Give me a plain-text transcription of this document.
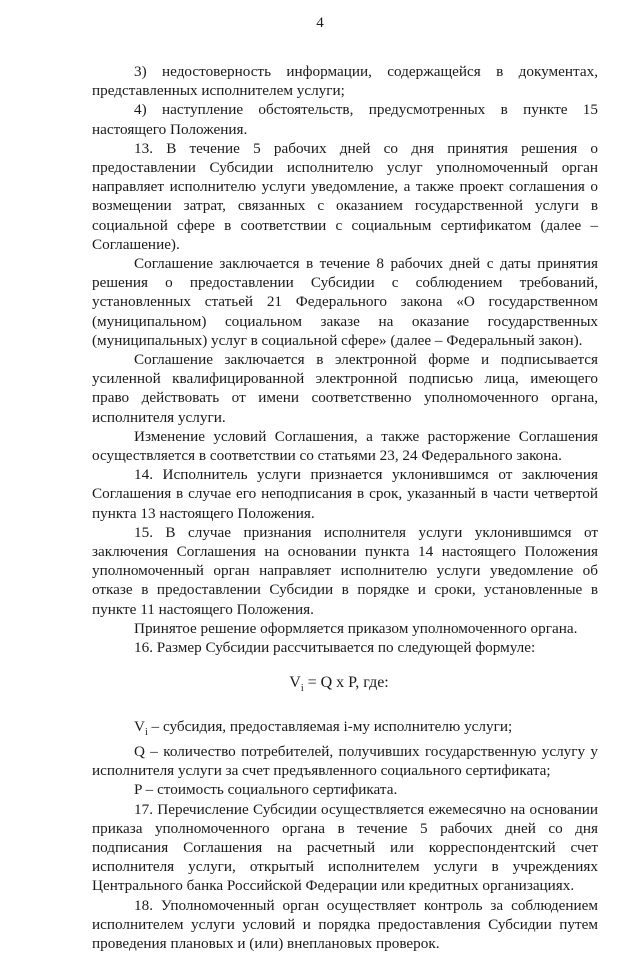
4

3) недостоверность информации, содержащейся в документах, представленных исполнителем услуги;

4) наступление обстоятельств, предусмотренных в пункте 15 настоящего Положения.

13. В течение 5 рабочих дней со дня принятия решения о предоставлении Субсидии исполнителю услуг уполномоченный орган направляет исполнителю услуги уведомление, а также проект соглашения о возмещении затрат, связанных с оказанием государственной услуги в социальной сфере в соответствии с социальным сертификатом (далее – Соглашение).

Соглашение заключается в течение 8 рабочих дней с даты принятия решения о предоставлении Субсидии с соблюдением требований, установленных статьей 21 Федерального закона «О государственном (муниципальном) социальном заказе на оказание государственных (муниципальных) услуг в социальной сфере» (далее – Федеральный закон).

Соглашение заключается в электронной форме и подписывается усиленной квалифицированной электронной подписью лица, имеющего право действовать от имени соответственно уполномоченного органа, исполнителя услуги.

Изменение условий Соглашения, а также расторжение Соглашения осуществляется в соответствии со статьями 23, 24 Федерального закона.

14. Исполнитель услуги признается уклонившимся от заключения Соглашения в случае его неподписания в срок, указанный в части четвертой пункта 13 настоящего Положения.

15. В случае признания исполнителя услуги уклонившимся от заключения Соглашения на основании пункта 14 настоящего Положения уполномоченный орган направляет исполнителю услуги уведомление об отказе в предоставлении Субсидии в порядке и сроки, установленные в пункте 11 настоящего Положения.

Принятое решение оформляется приказом уполномоченного органа.

16. Размер Субсидии рассчитывается по следующей формуле:

$V_i = Q$ x P, где:

$V_i$ – субсидия, предоставляемая i-му исполнителю услуги;

Q – количество потребителей, получивших государственную услугу у исполнителя услуги за счет предъявленного социального сертификата;

P – стоимость социального сертификата.

17. Перечисление Субсидии осуществляется ежемесячно на основании приказа уполномоченного органа в течение 5 рабочих дней со дня подписания Соглашения на расчетный или корреспондентский счет исполнителя услуги, открытый исполнителем услуги в учреждениях Центрального банка Российской Федерации или кредитных организациях.

18. Уполномоченный орган осуществляет контроль за соблюдением исполнителем услуги условий и порядка предоставления Субсидии путем проведения плановых и (или) внеплановых проверок.
